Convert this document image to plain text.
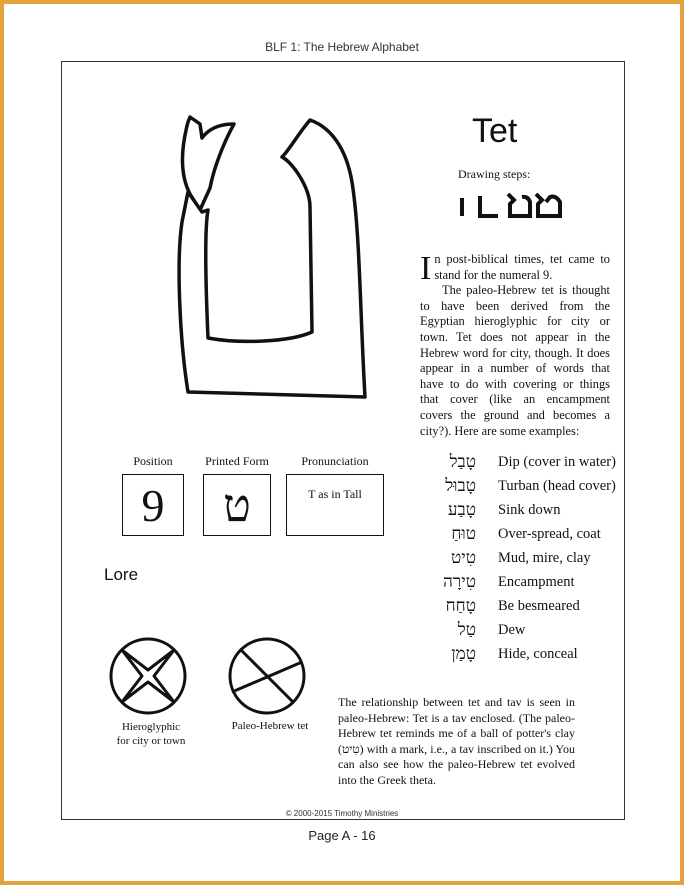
BLF 1: The Hebrew Alphabet
Tet
Drawing steps:

In post-biblical times, tet came to stand for the numeral 9.

The paleo-Hebrew tet is thought to have been derived from the Egyptian hieroglyphic for city or town. Tet does not appear in the Hebrew word for city, though. It does appear in a number of words that have to do with covering or things that cover (like an encampment covers the ground and becomes a city?). Here are some examples:

טָבַל Dip (cover in water)
טָבוּל Turban (head cover)
טָבַע Sink down
טוּחַ Over-spread, coat
טִיט Mud, mire, clay
טִירָה Encampment
טָחַח Be besmeared
טַל Dew
טָמַן Hide, conceal
Position	Printed Form	Pronunciation
9	ט	T as in Tall
Lore
Hieroglyphic
for city or town
Paleo-Hebrew tet
The relationship between tet and tav is seen in paleo-Hebrew: Tet is a tav enclosed. (The paleo-Hebrew tet reminds me of a ball of potter's clay (טִיט) with a mark, i.e., a tav inscribed on it.) You can also see how the paleo-Hebrew tet evolved into the Greek theta.
© 2000-2015 Timothy Ministries
Page A - 16
